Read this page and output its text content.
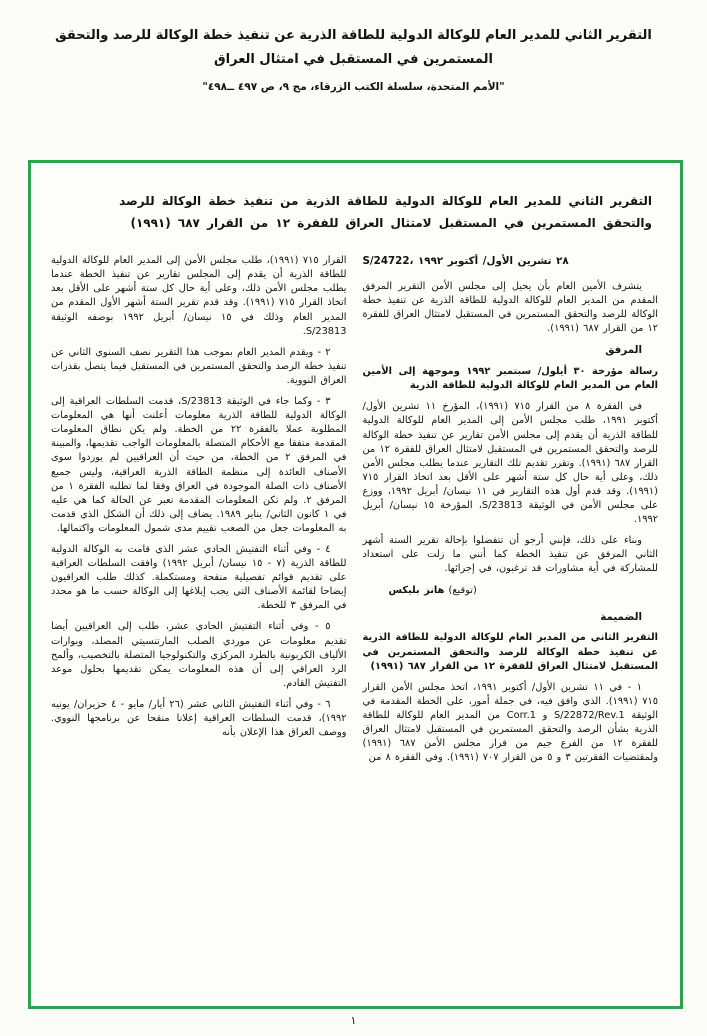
التقرير الثاني للمدير العام للوكالة الدولية للطاقة الذرية عن تنفيذ خطة الوكالة للرصد والتحقق
المستمرين في المستقبل في امتثال العراق
"الأمم المتحدة، سلسلة الكتب الزرقاء، مج ٩، ص ٤٩٧ ــ٤٩٨"
التقرير الثاني للمدير العام للوكالة الدولية للطاقة الذرية من تنفيذ خطة الوكالة للرصد والتحقق المستمرين في المستقبل لامتثال العراق للفقرة ١٢ من القرار ٦٨٧ (١٩٩١)
S/24722، ٢٨ تشرين الأول/ أكتوبر ١٩٩٢

يتشرف الأمين العام بأن يحيل إلى مجلس الأمن التقرير المرفق المقدم من المدير العام للوكالة الدولية للطاقة الذرية عن تنفيذ خطة الوكالة للرصد والتحقق المستمرين في المستقبل لامتثال العراق للفقرة ١٢ من القرار ٦٨٧ (١٩٩١).

المرفق

رسالة مؤرخة ٣٠ أيلول/ سبتمبر ١٩٩٢ وموجهة إلى الأمين العام من المدير العام للوكالة الدولية للطاقة الذرية

في الفقرة ٨ من القرار ٧١٥ (١٩٩١)، المؤرخ ١١ تشرين الأول/ أكتوبر ١٩٩١، طلب مجلس الأمن إلى المدير العام للوكالة الدولية للطاقة الذرية أن يقدم إلى مجلس الأمن تقارير عن تنفيذ خطة الوكالة للرصد والتحقق المستمرين في المستقبل لامتثال العراق للفقرة ١٢ من القرار ٦٨٧ (١٩٩١). وتقرر تقديم تلك التقارير عندما يطلب مجلس الأمن ذلك، وعلى أية حال كل ستة أشهر على الأقل بعد اتخاذ القرار ٧١٥ (١٩٩١). وقد قدم أول هذه التقارير في ١١ نيسان/ أبريل ١٩٩٢، ووزع على مجلس الأمن في الوثيقة S/23813، المؤرخة ١٥ نيسان/ أبريل ١٩٩٢.

وبناء على ذلك، فإنني أرجو أن تتفضلوا بإحالة تقرير الستة أشهر الثاني المرفق عن تنفيذ الخطة كما أنني ما زلت على استعداد للمشاركة في أية مشاورات قد ترغبون، في إجرائها.

(توقيع) هانز بليكس

الضميمة

التقرير الثاني من المدير العام للوكالة الدولية للطاقة الذرية عن تنفيذ خطة الوكالة للرصد والتحقق المستمرين في المستقبل لامتثال العراق للفقرة ١٢ من القرار ٦٨٧ (١٩٩١)

١ - في ١١ تشرين الأول/ أكتوبر ١٩٩١، اتخذ مجلس الأمن القرار ٧١٥ (١٩٩١). الذي وافق فيه، في جملة أمور، على الخطة المقدمة في الوثيقة S/22872/Rev.1 و Corr.1 من المدير العام للوكالة للطاقة الذرية بشأن الرصد والتحقق المستمرين في المستقبل لامتثال العراق للفقرة ١٢ من الفرع جيم من قرار مجلس الأمن ٦٨٧ (١٩٩١) ولمقتضيات الفقرتين ٣ و ٥ من القرار ٧٠٧ (١٩٩١). وفي الفقرة ٨ من

القرار ٧١٥ (١٩٩١)، طلب مجلس الأمن إلى المدير العام للوكالة الدولية للطاقة الذرية أن يقدم إلى المجلس تقارير عن تنفيذ الخطة عندما يطلب مجلس الأمن ذلك، وعلى أية حال كل ستة أشهر على الأقل بعد اتخاذ القرار ٧١٥ (١٩٩١). وقد قدم تقرير الستة أشهر الأول المقدم من المدير العام وذلك في ١٥ نيسان/ أبريل ١٩٩٢ بوصفه الوثيقة S/23813.

٢ - ويقدم المدير العام بموجب هذا التقرير نصف السنوي الثاني عن تنفيذ خطة الرصد والتحقق المستمرين في المستقبل فيما يتصل بقدرات العراق النووية.

٣ - وكما جاء في الوثيقة S/23813، قدمت السلطات العراقية إلى الوكالة الدولية للطاقة الذرية معلومات أعلنت أنها هي المعلومات المطلوبة عملا بالفقرة ٢٢ من الخطة. ولم يكن نطاق المعلومات المقدمة متفقا مع الأحكام المتصلة بالمعلومات الواجب تقديمها، والمبينة في المرفق ٢ من الخطة، من حيث أن العراقيين لم يوردوا سوى الأصناف العائدة إلى منظمة الطاقة الذرية العراقية، وليس جميع الأصناف ذات الصلة الموجودة في العراق وفقا لما تطلبه الفقرة ١ من المرفق ٢. ولم تكن المعلومات المقدمة تعبر عن الحالة كما هي عليه في ١ كانون الثاني/ يناير ١٩٨٩. يضاف إلى ذلك أن الشكل الذي قدمت به المعلومات جعل من الصعب تقييم مدى شمول المعلومات واكتمالها.

٤ - وفي أثناء التفتيش الحادي عشر الذي قامت به الوكالة الدولية للطاقة الذرية (٧ - ١٥ نيسان/ أبريل ١٩٩٢) وافقت السلطات العراقية على تقديم قوائم تفصيلية منقحة ومستكملة. كذلك طلب العراقيون إيضاحا لقائمة الأصناف التي يجب إبلاغها إلى الوكالة حسب ما هو محدد في المرفق ٣ للخطة.

٥ - وفي أثناء التفتيش الحادي عشر، طلب إلى العراقيين أيضا تقديم معلومات عن موردي الصلب المارتنسيتي المصلد، وبوارات الألياف الكربونية بالطرد المركزي والتكنولوجيا المتصلة بالتخصيب، وألمح الرد العراقي إلى أن هذه المعلومات يمكن تقديمها بحلول موعد التفتيش القادم.

٦ - وفي أثناء التفتيش الثاني عشر (٢٦ أيار/ مايو - ٤ حزيران/ يونيه ١٩٩٢)، قدمت السلطات العراقية إعلانا منقحا عن برنامجها النووي. ووصف العراق هذا الإعلان بأنه

١
